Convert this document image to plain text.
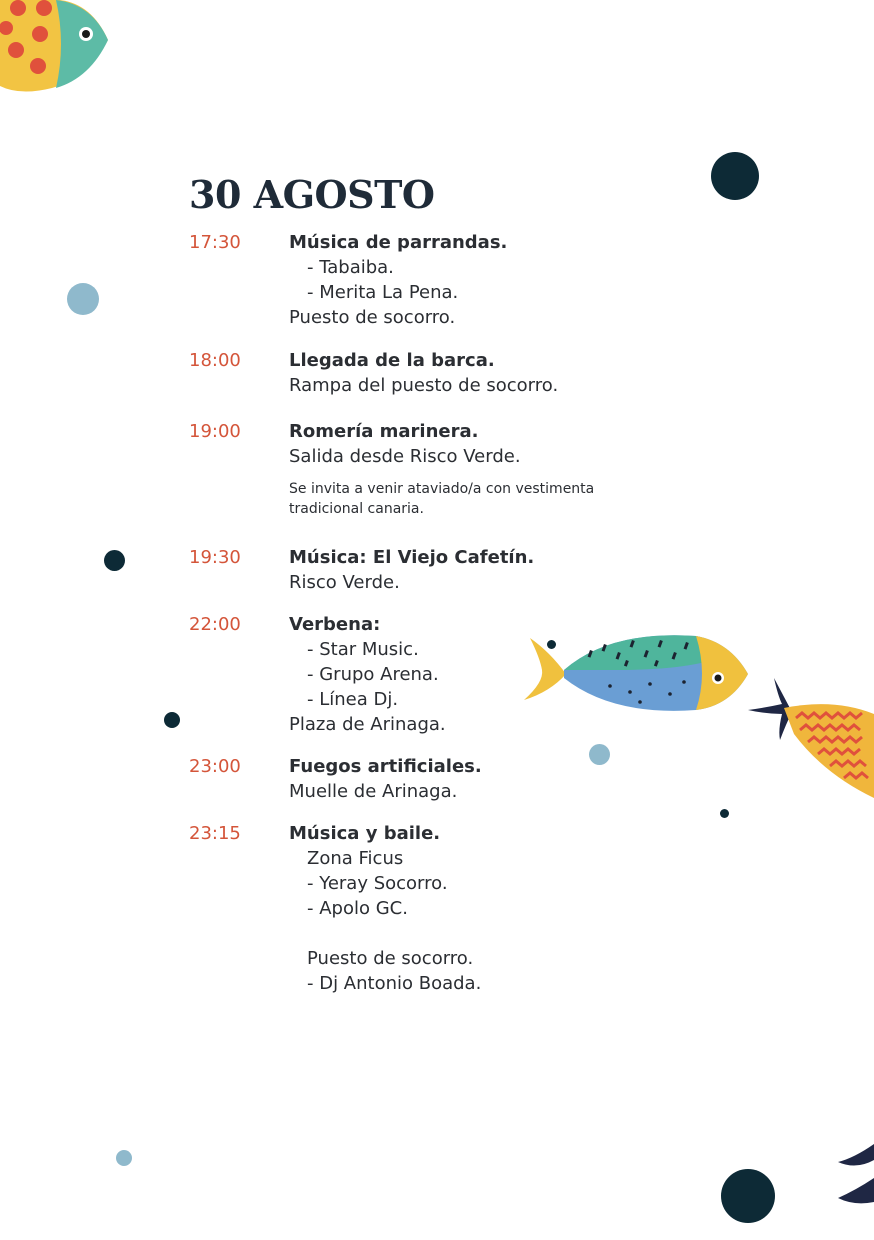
30 AGOSTO
17:30	Música de parrandas.
- Tabaiba.
- Merita La Pena.
Puesto de socorro.
18:00	Llegada de la barca.
Rampa del puesto de socorro.
19:00	Romería marinera.
Salida desde Risco Verde.
Se invita a venir ataviado/a con vestimenta tradicional canaria.
19:30	Música: El Viejo Cafetín.
Risco Verde.
22:00	Verbena:
- Star Music.
- Grupo Arena.
- Línea Dj.
Plaza de Arinaga.
23:00	Fuegos artificiales.
Muelle de Arinaga.
23:15	Música y baile.
Zona Ficus
- Yeray Socorro.
- Apolo GC.
Puesto de socorro.
- Dj Antonio Boada.
